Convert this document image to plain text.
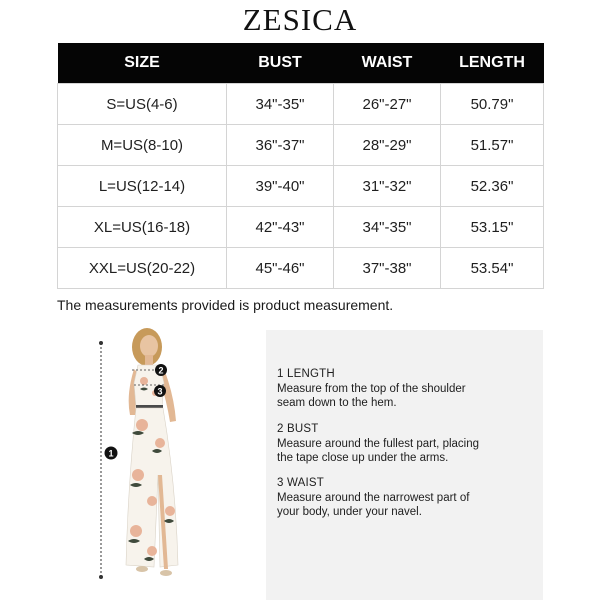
ZESICA
SIZE	BUST	WAIST	LENGTH
S=US(4-6)	34"-35"	26"-27"	50.79"
M=US(8-10)	36"-37"	28"-29"	51.57"
L=US(12-14)	39"-40"	31"-32"	52.36"
XL=US(16-18)	42"-43"	34"-35"	53.15"
XXL=US(20-22)	45"-46"	37"-38"	53.54"
The measurements provided is product measurement.
1
2
3
1 LENGTH
Measure from the top of the shoulder
seam down to the hem.
2 BUST
Measure around the fullest part, placing
the tape close up under the arms.
3 WAIST
Measure around the narrowest part of
your body, under your navel.
